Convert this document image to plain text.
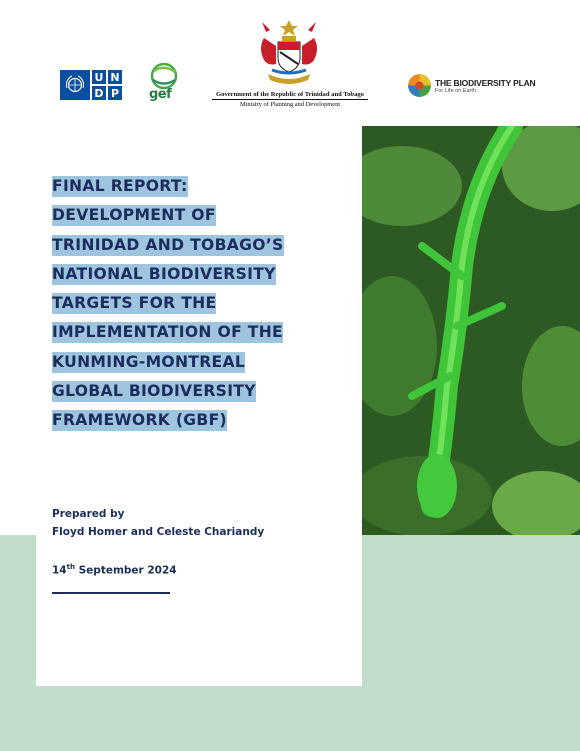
U N
D P gef	Government of the Republic of Trinidad and Tobago
Ministry of Planning and Development
THE BIODIVERSITY PLAN
For Life on Earth

FINAL REPORT:
DEVELOPMENT OF
TRINIDAD AND TOBAGO’S
NATIONAL BIODIVERSITY
TARGETS FOR THE
IMPLEMENTATION OF THE
KUNMING-MONTREAL
GLOBAL BIODIVERSITY
FRAMEWORK (GBF)

Prepared by
Floyd Homer and Celeste Chariandy
14th September 2024
